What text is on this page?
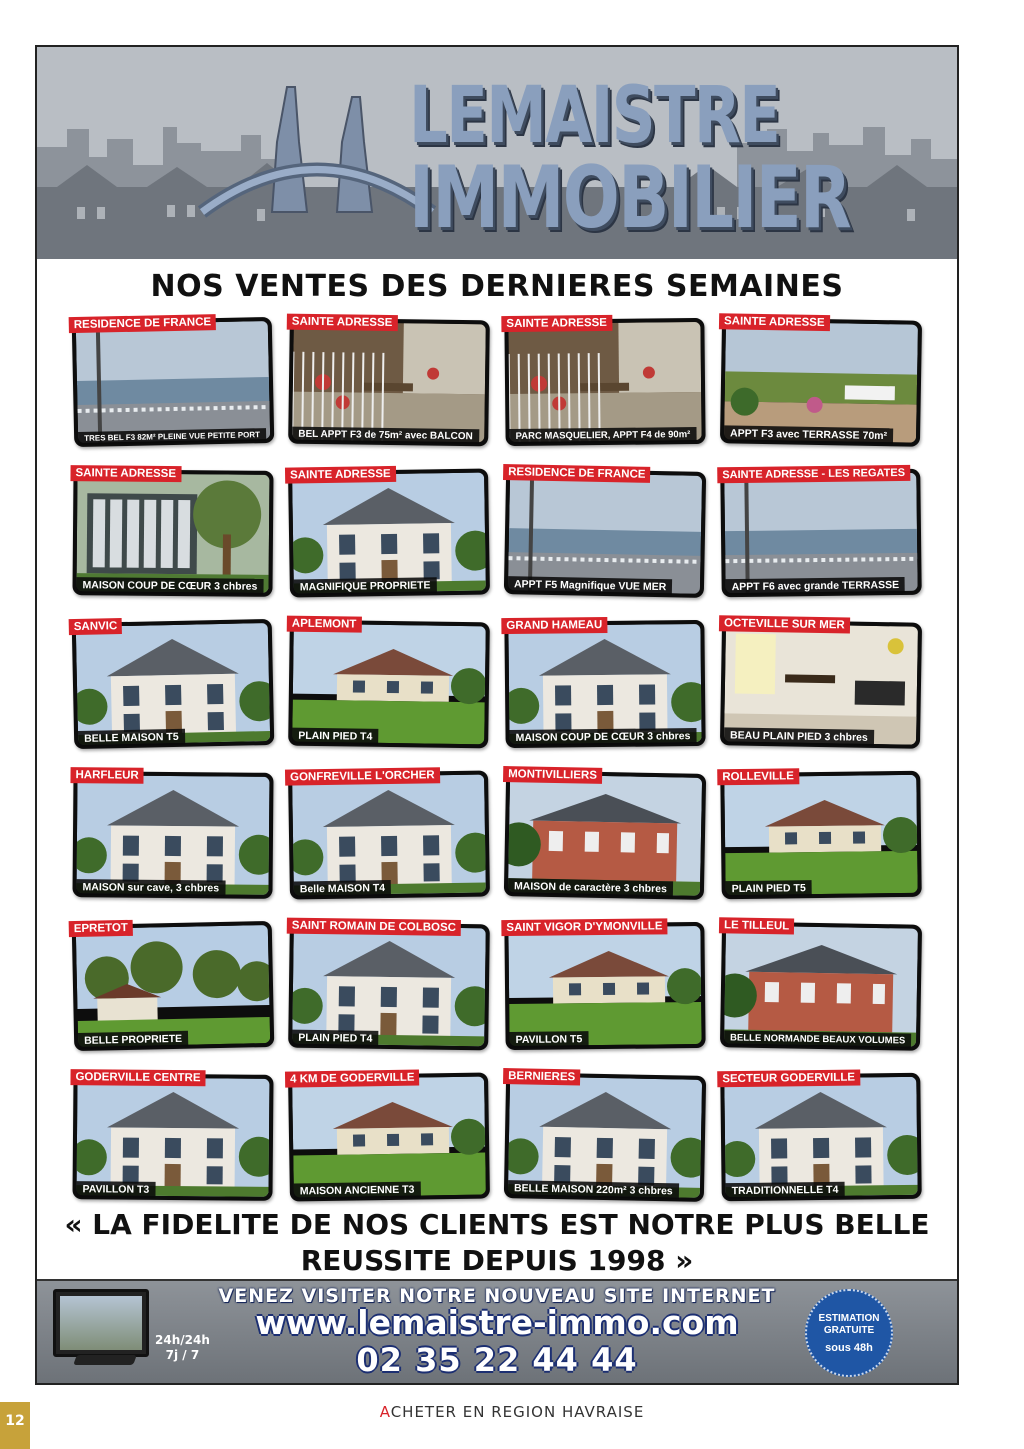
LEMAISTRE
IMMOBILIER
NOS VENTES DES DERNIERES SEMAINES
RESIDENCE DE FRANCE
TRES BEL F3 82M² PLEINE VUE PETITE PORT
SAINTE ADRESSE
BEL APPT F3 de 75m² avec BALCON
SAINTE ADRESSE
PARC MASQUELIER, APPT F4 de 90m²
SAINTE ADRESSE
APPT F3 avec TERRASSE 70m²
SAINTE ADRESSE
MAISON COUP DE CŒUR 3 chbres
SAINTE ADRESSE
MAGNIFIQUE PROPRIETE
RESIDENCE DE FRANCE
APPT F5 Magnifique VUE MER
SAINTE ADRESSE - LES REGATES
APPT F6 avec grande TERRASSE
SANVIC
BELLE MAISON T5
APLEMONT
PLAIN PIED T4
GRAND HAMEAU
MAISON COUP DE CŒUR 3 chbres
OCTEVILLE SUR MER
BEAU PLAIN PIED 3 chbres
HARFLEUR
MAISON sur cave, 3 chbres
GONFREVILLE L'ORCHER
Belle MAISON T4
MONTIVILLIERS
MAISON de caractère 3 chbres
ROLLEVILLE
PLAIN PIED T5
EPRETOT
BELLE PROPRIETE
SAINT ROMAIN DE COLBOSC
PLAIN PIED T4
SAINT VIGOR D'YMONVILLE
PAVILLON T5
LE TILLEUL
BELLE NORMANDE BEAUX VOLUMES
GODERVILLE CENTRE
PAVILLON T3
4 KM DE GODERVILLE
MAISON ANCIENNE T3
BERNIERES
BELLE MAISON 220m² 3 chbres
SECTEUR GODERVILLE
TRADITIONNELLE T4
« LA FIDELITE DE NOS CLIENTS EST NOTRE PLUS BELLE
REUSSITE DEPUIS 1998 »
24h/24h
7j / 7
VENEZ VISITER NOTRE NOUVEAU SITE INTERNET
www.lemaistre-immo.com
02 35 22 44 44
ESTIMATION
GRATUITE
sous 48h
12	ACHETER EN REGION HAVRAISE
